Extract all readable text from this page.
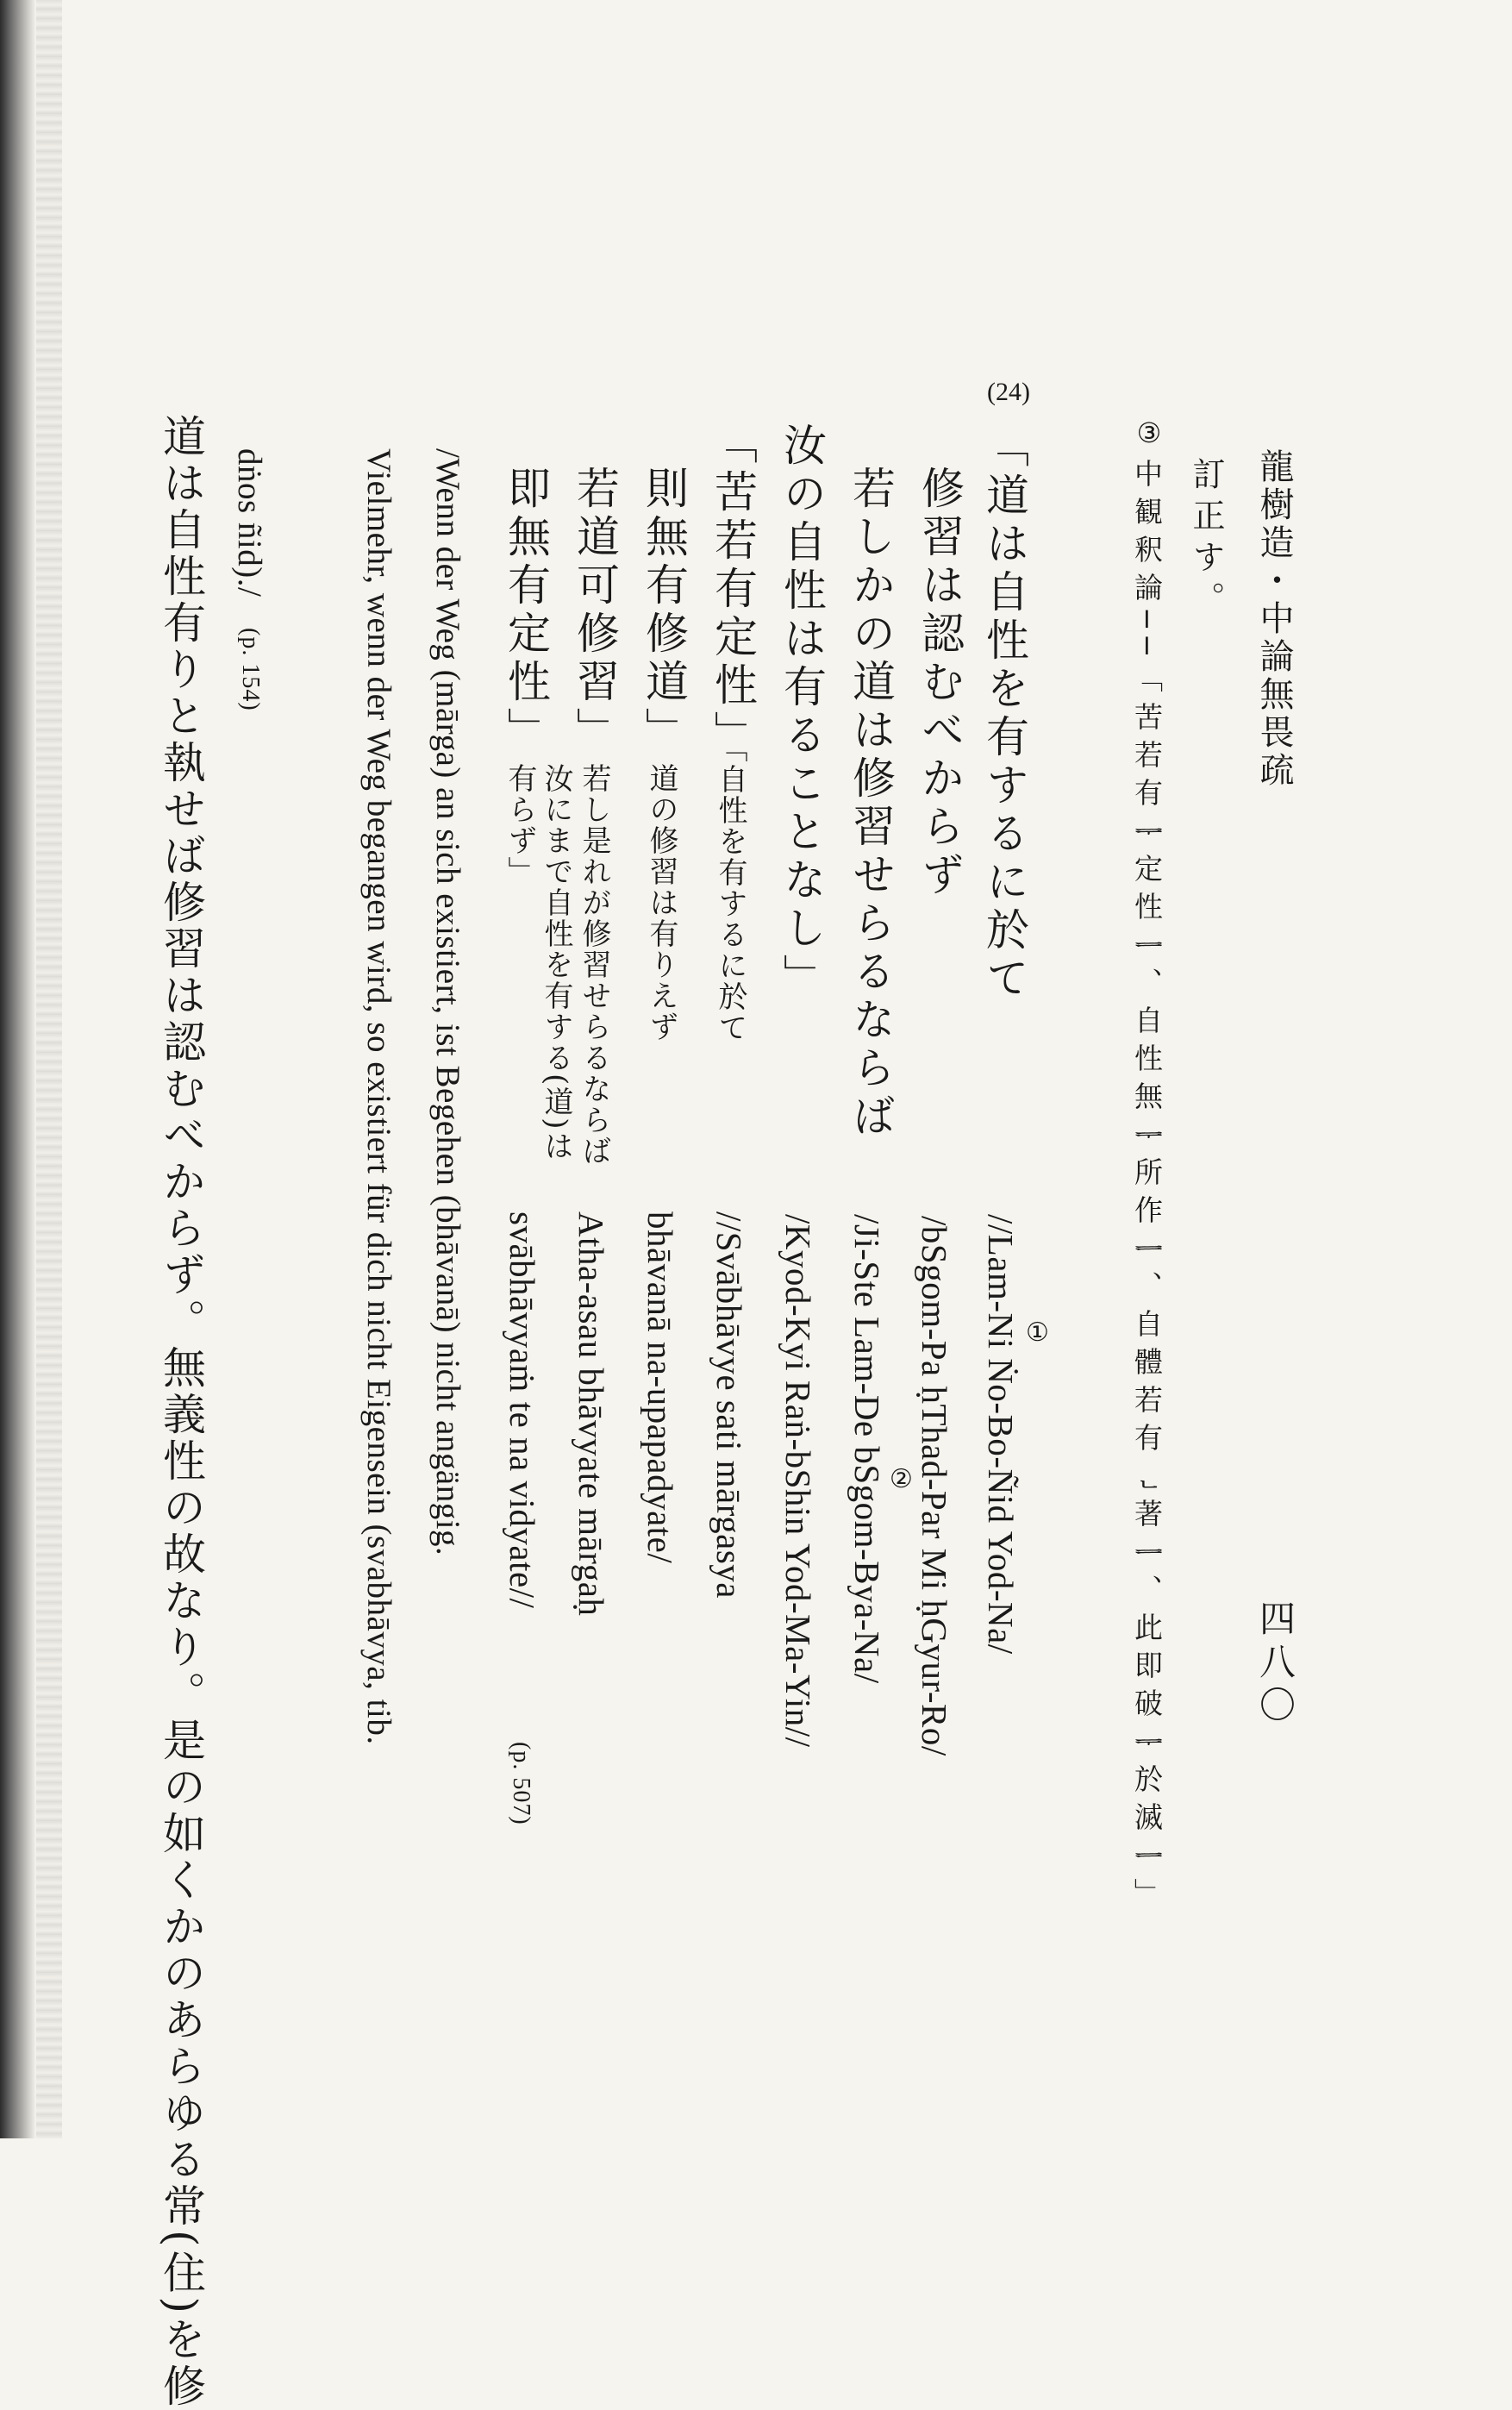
龍樹造・中論無畏疏
四八〇
訂正す。
③
中観釈論──「苦若有ᆕ定性ᆖ、自性無ᆕ所作ᆖ、自體若有ᆫ著ᆖ、此即破ᆕ於滅ᆖ」
(24)
「道は自性を有するに於て
修習は認むべからず
若しかの道は修習せらるならば
汝の自性は有ることなし」
「苦若有定性」
則無有修道」
若道可修習」
即無有定性」
「自性を有するに於て
道の修習は有りえず
若し是れが修習せらるならば
汝にまで自性を有する(道)は
有らず」
①
② //Lam-Ni Ṅo-Bo-Ñid Yod-Na/
/bSgom-Pa ḥThad-Par Mi ḥGyur-Ro/
/Ji-Ste Lam-De bSgom-Bya-Na/
/Kyod-Kyi Raṅ-bShin Yod-Ma-Yin//
//Svābhāvye sati mārgasya
bhāvanā na-upapadyate/
Atha-asau bhāvyate mārgaḥ
svābhāvyaṁ te na vidyate//
(p. 507)
/Wenn der Weg (mārga) an sich existiert, ist Begehen (bhāvanā) nicht angängig.
Vielmehr, wenn der Weg begangen wird, so existiert für dich nicht Eigensein (svabhāvya, tib.
dṅos ñid)./
(p. 154)
道は自性有りと執せば修習は認むべからず。無義性の故なり。是の如くかのあらゆる常(住)を修
